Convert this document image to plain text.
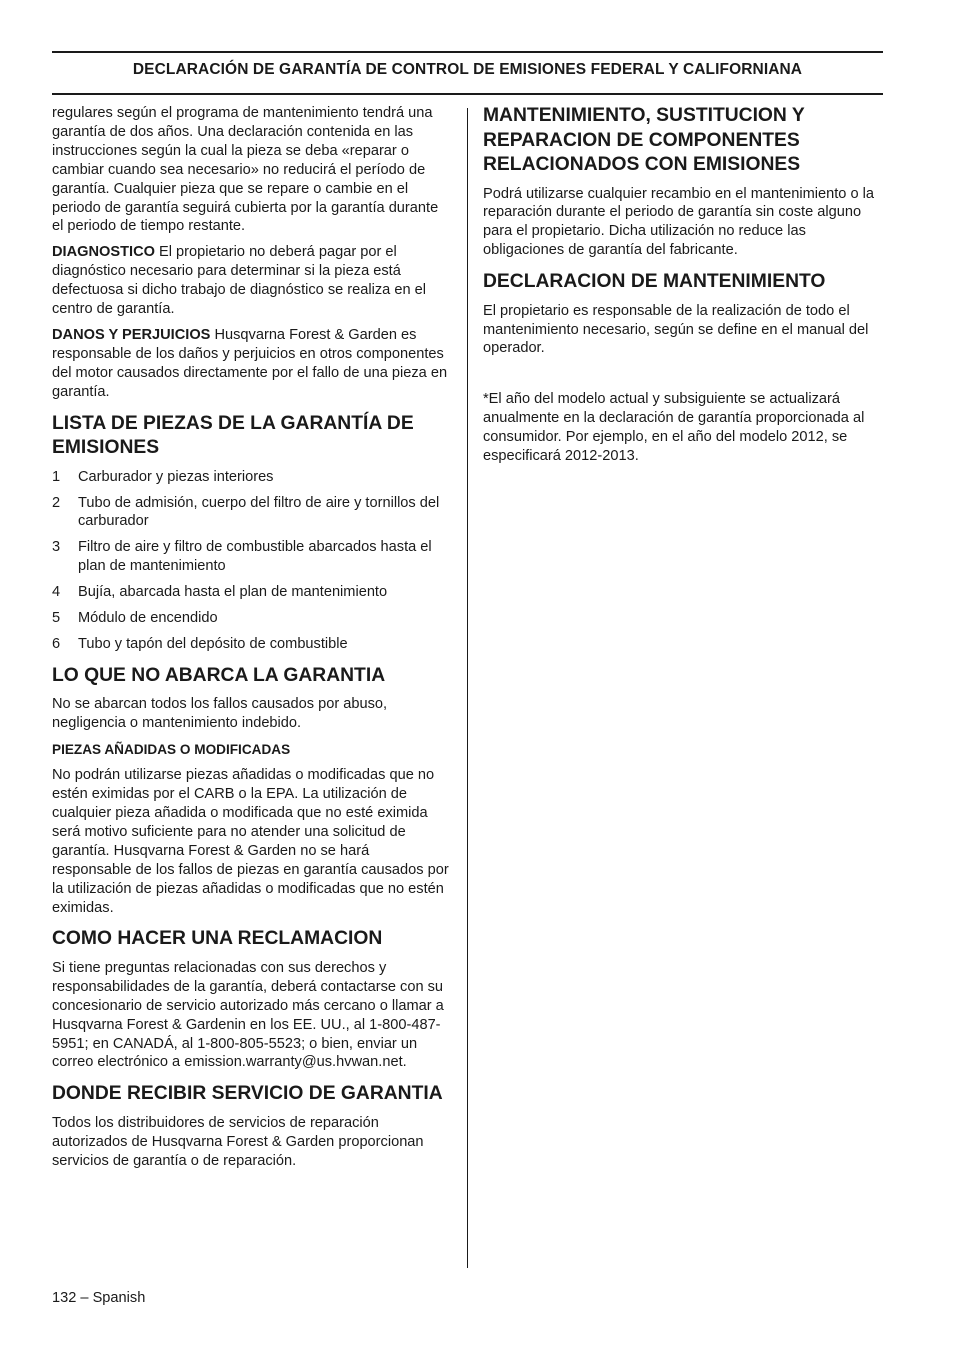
DECLARACIÓN DE GARANTÍA DE CONTROL DE EMISIONES FEDERAL Y CALIFORNIANA

regulares según el programa de mantenimiento tendrá una garantía de dos años. Una declaración contenida en las instrucciones según la cual la pieza se deba «reparar o cambiar cuando sea necesario» no reducirá el período de garantía. Cualquier pieza que se repare o cambie en el periodo de garantía seguirá cubierta por la garantía durante el periodo de tiempo restante.

DIAGNOSTICO El propietario no deberá pagar por el diagnóstico necesario para determinar si la pieza está defectuosa si dicho trabajo de diagnóstico se realiza en el centro de garantía.

DANOS Y PERJUICIOS Husqvarna Forest & Garden es responsable de los daños y perjuicios en otros componentes del motor causados directamente por el fallo de una pieza en garantía.

LISTA DE PIEZAS DE LA GARANTÍA DE EMISIONES
1	Carburador y piezas interiores
2	Tubo de admisión, cuerpo del filtro de aire y tornillos del carburador
3	Filtro de aire y filtro de combustible abarcados hasta el plan de mantenimiento
4	Bujía, abarcada hasta el plan de mantenimiento
5	Módulo de encendido
6	Tubo y tapón del depósito de combustible
LO QUE NO ABARCA LA GARANTIA

No se abarcan todos los fallos causados por abuso, negligencia o mantenimiento indebido.

PIEZAS AÑADIDAS O MODIFICADAS

No podrán utilizarse piezas añadidas o modificadas que no estén eximidas por el CARB o la EPA. La utilización de cualquier pieza añadida o modificada que no esté eximida será motivo suficiente para no atender una solicitud de garantía. Husqvarna Forest & Garden no se hará responsable de los fallos de piezas en garantía causados por la utilización de piezas añadidas o modificadas que no estén eximidas.

COMO HACER UNA RECLAMACION

Si tiene preguntas relacionadas con sus derechos y responsabilidades de la garantía, deberá contactarse con su concesionario de servicio autorizado más cercano o llamar a Husqvarna Forest & Gardenin en los EE. UU., al 1-800-487-5951; en CANADÁ, al 1-800-805-5523; o bien, enviar un correo electrónico a emission.warranty@us.hvwan.net.

DONDE RECIBIR SERVICIO DE GARANTIA

Todos los distribuidores de servicios de reparación autorizados de Husqvarna Forest & Garden proporcionan servicios de garantía o de reparación.

MANTENIMIENTO, SUSTITUCION Y REPARACION DE COMPONENTES RELACIONADOS CON EMISIONES

Podrá utilizarse cualquier recambio en el mantenimiento o la reparación durante el periodo de garantía sin coste alguno para el propietario. Dicha utilización no reduce las obligaciones de garantía del fabricante.

DECLARACION DE MANTENIMIENTO

El propietario es responsable de la realización de todo el mantenimiento necesario, según se define en el manual del operador.

*El año del modelo actual y subsiguiente se actualizará anualmente en la declaración de garantía proporcionada al consumidor. Por ejemplo, en el año del modelo 2012, se especificará 2012-2013.

132 – Spanish
